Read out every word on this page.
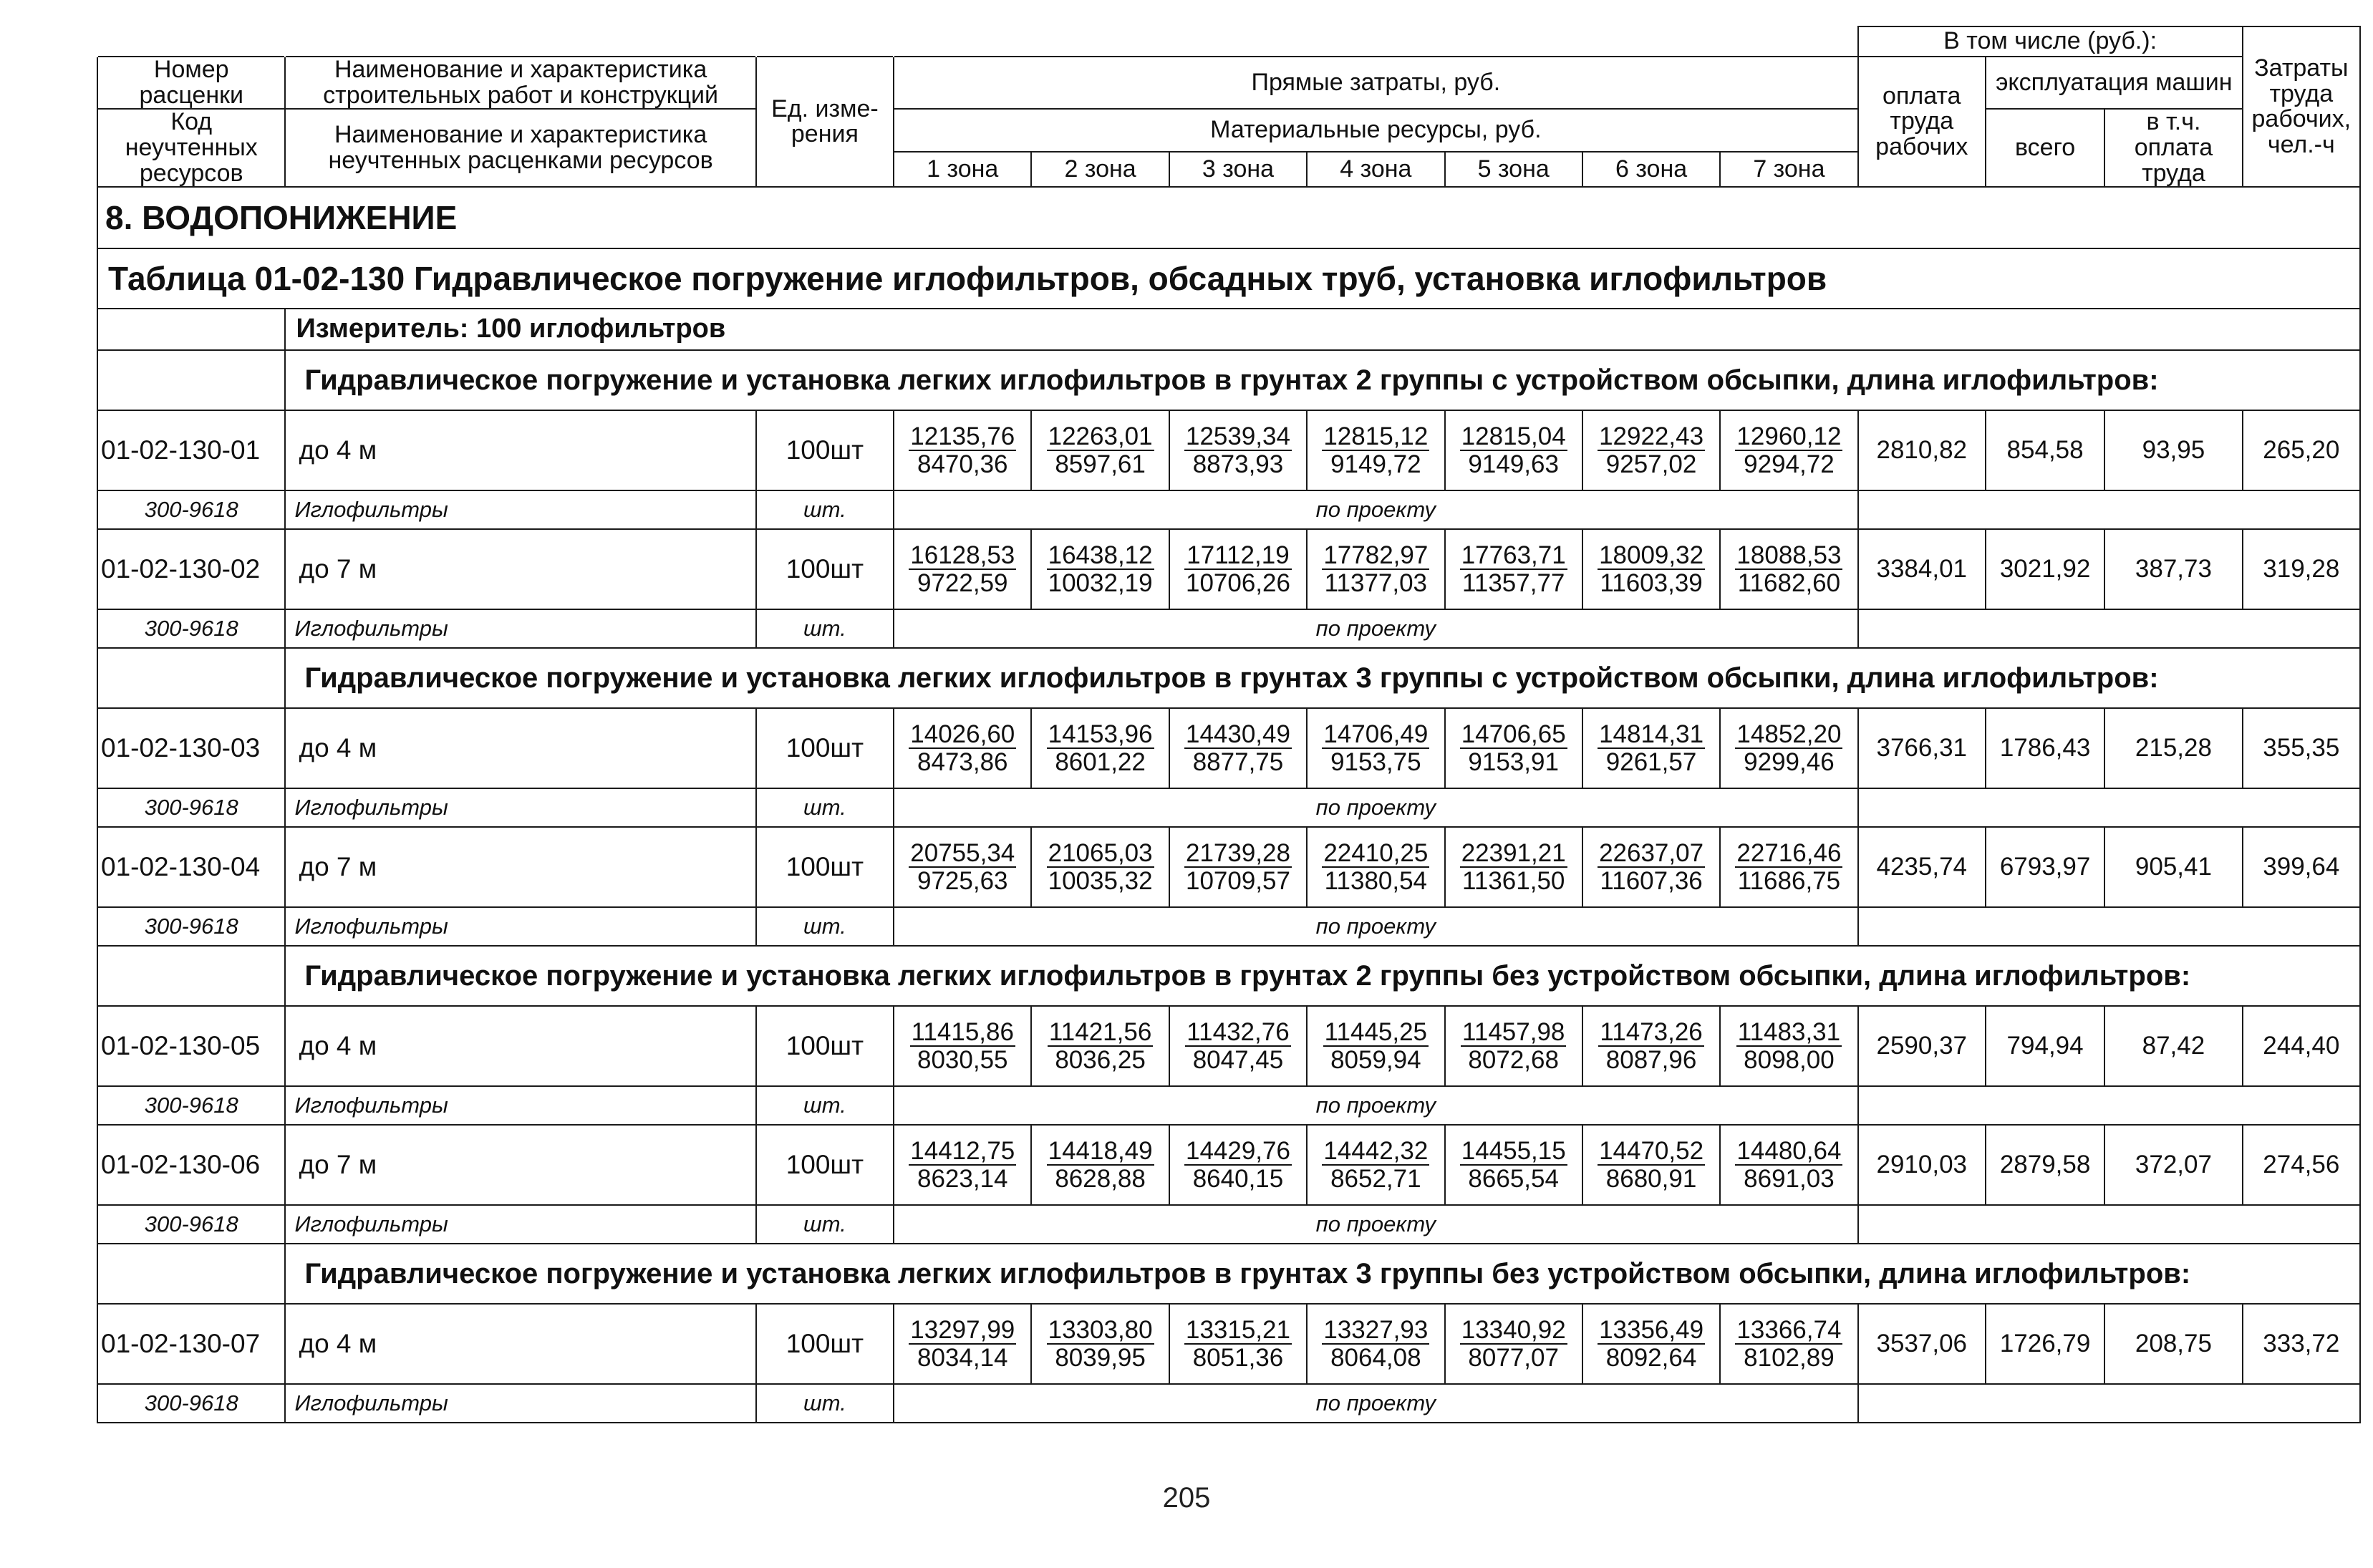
										В том числе (руб.):			Затраты труда рабочих, чел.-ч
Номер расценки	Наименование и характеристика строительных работ и конструкций	Ед. изме-рения	Прямые затраты, руб.							оплата труда рабочих	эксплуатация машин		
Код неучтенных ресурсов	Наименование и характеристика неучтенных расценками ресурсов		Материальные ресурсы, руб.								всего	в т.ч. оплата труда	
			1 зона	2 зона	3 зона	4 зона	5 зона	6 зона	7 зона				
8. ВОДОПОНИЖЕНИЕ													
Таблица 01-02-130 Гидравлическое погружение иглофильтров, обсадных труб, установка иглофильтров													
	Измеритель: 100 иглофильтров												
	Гидравлическое погружение и установка легких иглофильтров в грунтах 2 группы с устройством обсыпки, длина иглофильтров:												
01-02-130-01	до 4 м	100шт	$\frac{12135,76}{8470,36}$	$\frac{12263,01}{8597,61}$	$\frac{12539,34}{8873,93}$	$\frac{12815,12}{9149,72}$	$\frac{12815,04}{9149,63}$	$\frac{12922,43}{9257,02}$	$\frac{12960,12}{9294,72}$	2810,82	854,58	93,95	265,20
300-9618	Иглофильтры	шт.	по проекту										
01-02-130-02	до 7 м	100шт	$\frac{16128,53}{9722,59}$	$\frac{16438,12}{10032,19}$	$\frac{17112,19}{10706,26}$	$\frac{17782,97}{11377,03}$	$\frac{17763,71}{11357,77}$	$\frac{18009,32}{11603,39}$	$\frac{18088,53}{11682,60}$	3384,01	3021,92	387,73	319,28
300-9618	Иглофильтры	шт.	по проекту										
	Гидравлическое погружение и установка легких иглофильтров в грунтах 3 группы с устройством обсыпки, длина иглофильтров:												
01-02-130-03	до 4 м	100шт	$\frac{14026,60}{8473,86}$	$\frac{14153,96}{8601,22}$	$\frac{14430,49}{8877,75}$	$\frac{14706,49}{9153,75}$	$\frac{14706,65}{9153,91}$	$\frac{14814,31}{9261,57}$	$\frac{14852,20}{9299,46}$	3766,31	1786,43	215,28	355,35
300-9618	Иглофильтры	шт.	по проекту										
01-02-130-04	до 7 м	100шт	$\frac{20755,34}{9725,63}$	$\frac{21065,03}{10035,32}$	$\frac{21739,28}{10709,57}$	$\frac{22410,25}{11380,54}$	$\frac{22391,21}{11361,50}$	$\frac{22637,07}{11607,36}$	$\frac{22716,46}{11686,75}$	4235,74	6793,97	905,41	399,64
300-9618	Иглофильтры	шт.	по проекту										
	Гидравлическое погружение и установка легких иглофильтров в грунтах 2 группы без устройством обсыпки, длина иглофильтров:												
01-02-130-05	до 4 м	100шт	$\frac{11415,86}{8030,55}$	$\frac{11421,56}{8036,25}$	$\frac{11432,76}{8047,45}$	$\frac{11445,25}{8059,94}$	$\frac{11457,98}{8072,68}$	$\frac{11473,26}{8087,96}$	$\frac{11483,31}{8098,00}$	2590,37	794,94	87,42	244,40
300-9618	Иглофильтры	шт.	по проекту										
01-02-130-06	до 7 м	100шт	$\frac{14412,75}{8623,14}$	$\frac{14418,49}{8628,88}$	$\frac{14429,76}{8640,15}$	$\frac{14442,32}{8652,71}$	$\frac{14455,15}{8665,54}$	$\frac{14470,52}{8680,91}$	$\frac{14480,64}{8691,03}$	2910,03	2879,58	372,07	274,56
300-9618	Иглофильтры	шт.	по проекту										
	Гидравлическое погружение и установка легких иглофильтров в грунтах 3 группы без устройством обсыпки, длина иглофильтров:												
01-02-130-07	до 4 м	100шт	$\frac{13297,99}{8034,14}$	$\frac{13303,80}{8039,95}$	$\frac{13315,21}{8051,36}$	$\frac{13327,93}{8064,08}$	$\frac{13340,92}{8077,07}$	$\frac{13356,49}{8092,64}$	$\frac{13366,74}{8102,89}$	3537,06	1726,79	208,75	333,72
300-9618	Иглофильтры	шт.	по проекту										
205
